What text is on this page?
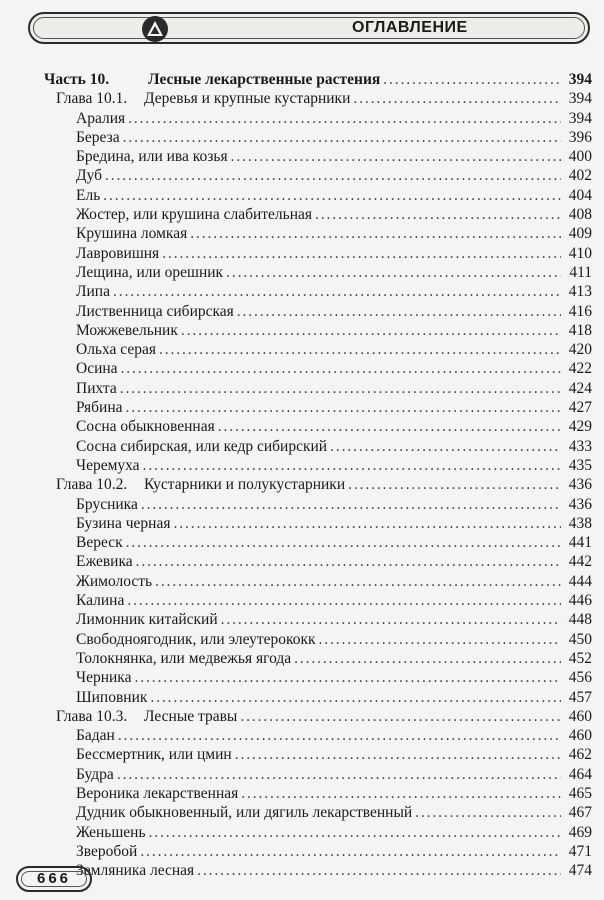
ОГЛАВЛЕНИЕ
Часть 10.	Лесные лекарственные растения . . .	394
Глава 10.1. Деревья и крупные кустарники . . .	394
Аралия . . .	394
Береза . . .	396
Бредина, или ива козья . . .	400
Дуб . . .	402
Ель . . .	404
Жостер, или крушина слабительная . . .	408
Крушина ломкая . . .	409
Лавровишня . . .	410
Лещина, или орешник . . .	411
Липа . . .	413
Лиственница сибирская . . .	416
Можжевельник . . .	418
Ольха серая . . .	420
Осина . . .	422
Пихта . . .	424
Рябина . . .	427
Сосна обыкновенная . . .	429
Сосна сибирская, или кедр сибирский . . .	433
Черемуха . . .	435
Глава 10.2. Кустарники и полукустарники . . .	436
Брусника . . .	436
Бузина черная . . .	438
Вереск . . .	441
Ежевика . . .	442
Жимолость . . .	444
Калина . . .	446
Лимонник китайский . . .	448
Свободноягодник, или элеутерококк . . .	450
Толокнянка, или медвежья ягода . . .	452
Черника . . .	456
Шиповник . . .	457
Глава 10.3. Лесные травы . . .	460
Бадан . . .	460
Бессмертник, или цмин . . .	462
Будра . . .	464
Вероника лекарственная . . .	465
Дудник обыкновенный, или дягиль лекарственный . . .	467
Женьшень . . .	469
Зверобой . . .	471
Земляника лесная . . .	474
666
